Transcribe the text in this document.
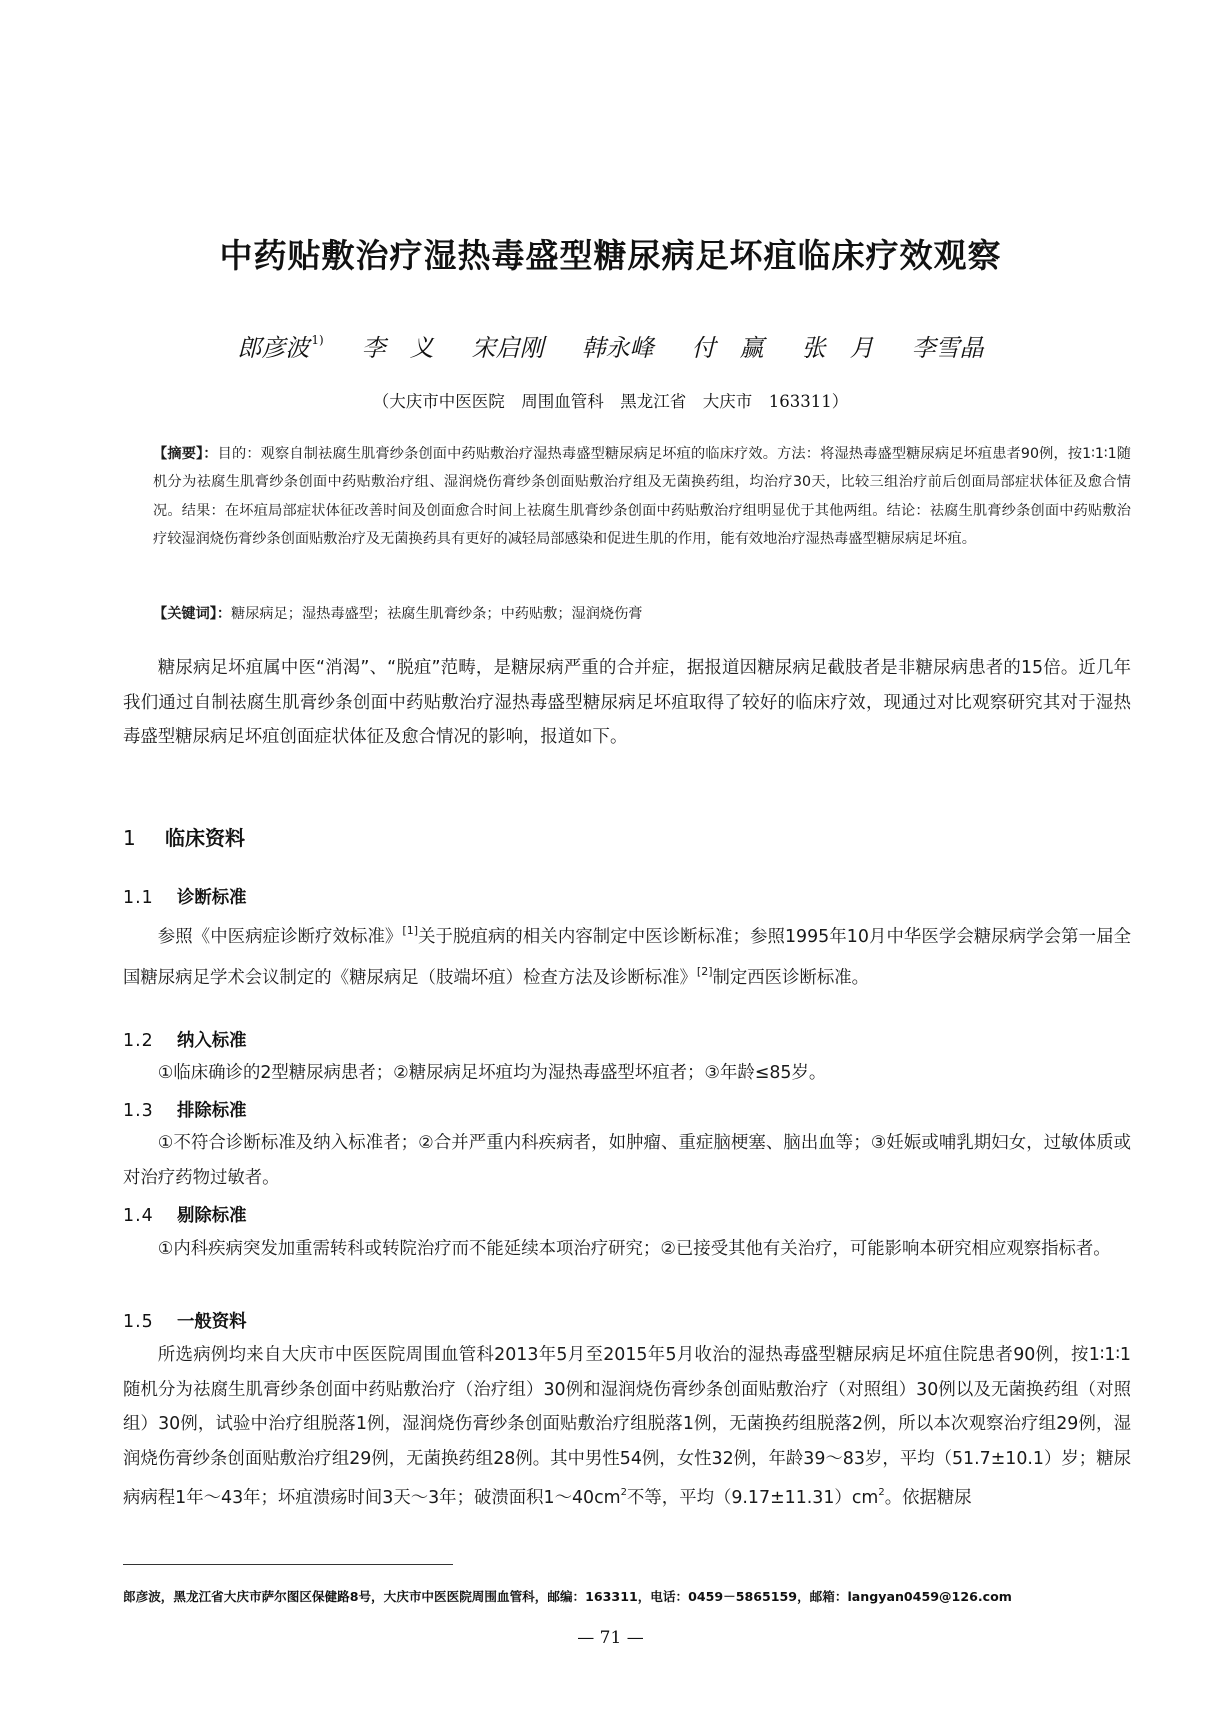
中药贴敷治疗湿热毒盛型糖尿病足坏疽临床疗效观察
郎彦波 $^{1)}$ 李　义 宋启刚 韩永峰 付　赢 张　月 李雪晶
（大庆市中医医院　周围血管科　黑龙江省　大庆市　163311）
【摘要】：目的：观察自制祛腐生肌膏纱条创面中药贴敷治疗湿热毒盛型糖尿病足坏疽的临床疗效。方法：将湿热毒盛型糖尿病足坏疽患者90例，按1∶1∶1随机分为祛腐生肌膏纱条创面中药贴敷治疗组、湿润烧伤膏纱条创面贴敷治疗组及无菌换药组，均治疗30天，比较三组治疗前后创面局部症状体征及愈合情况。结果：在坏疽局部症状体征改善时间及创面愈合时间上祛腐生肌膏纱条创面中药贴敷治疗组明显优于其他两组。结论：祛腐生肌膏纱条创面中药贴敷治疗较湿润烧伤膏纱条创面贴敷治疗及无菌换药具有更好的减轻局部感染和促进生肌的作用，能有效地治疗湿热毒盛型糖尿病足坏疽。
【关键词】：糖尿病足；湿热毒盛型；祛腐生肌膏纱条；中药贴敷；湿润烧伤膏

糖尿病足坏疽属中医“消渴”、“脱疽”范畴，是糖尿病严重的合并症，据报道因糖尿病足截肢者是非糖尿病患者的15倍。近几年我们通过自制祛腐生肌膏纱条创面中药贴敷治疗湿热毒盛型糖尿病足坏疽取得了较好的临床疗效，现通过对比观察研究其对于湿热毒盛型糖尿病足坏疽创面症状体征及愈合情况的影响，报道如下。

1 临床资料
1.1 诊断标准

参照《中医病症诊断疗效标准》[1]关于脱疽病的相关内容制定中医诊断标准；参照1995年10月中华医学会糖尿病学会第一届全国糖尿病足学术会议制定的《糖尿病足（肢端坏疽）检查方法及诊断标准》[2]制定西医诊断标准。

1.2 纳入标准

①临床确诊的2型糖尿病患者；②糖尿病足坏疽均为湿热毒盛型坏疽者；③年龄≤85岁。

1.3 排除标准

①不符合诊断标准及纳入标准者；②合并严重内科疾病者，如肿瘤、重症脑梗塞、脑出血等；③妊娠或哺乳期妇女，过敏体质或对治疗药物过敏者。

1.4 剔除标准

①内科疾病突发加重需转科或转院治疗而不能延续本项治疗研究；②已接受其他有关治疗，可能影响本研究相应观察指标者。

1.5 一般资料

所选病例均来自大庆市中医医院周围血管科2013年5月至2015年5月收治的湿热毒盛型糖尿病足坏疽住院患者90例，按1∶1∶1随机分为祛腐生肌膏纱条创面中药贴敷治疗（治疗组）30例和湿润烧伤膏纱条创面贴敷治疗（对照组）30例以及无菌换药组（对照组）30例，试验中治疗组脱落1例，湿润烧伤膏纱条创面贴敷治疗组脱落1例，无菌换药组脱落2例，所以本次观察治疗组29例，湿润烧伤膏纱条创面贴敷治疗组29例，无菌换药组28例。其中男性54例，女性32例，年龄39～83岁，平均（51.7±10.1）岁；糖尿病病程1年～43年；坏疽溃疡时间3天～3年；破溃面积$1\sim 40cm^2$不等，平均$(9.17\pm 11.31)cm^2$。依据糖尿

郎彦波，黑龙江省大庆市萨尔图区保健路8号，大庆市中医医院周围血管科，邮编：163311，电话：0459－5865159，邮箱：langyan0459@126.com
— 71 —
